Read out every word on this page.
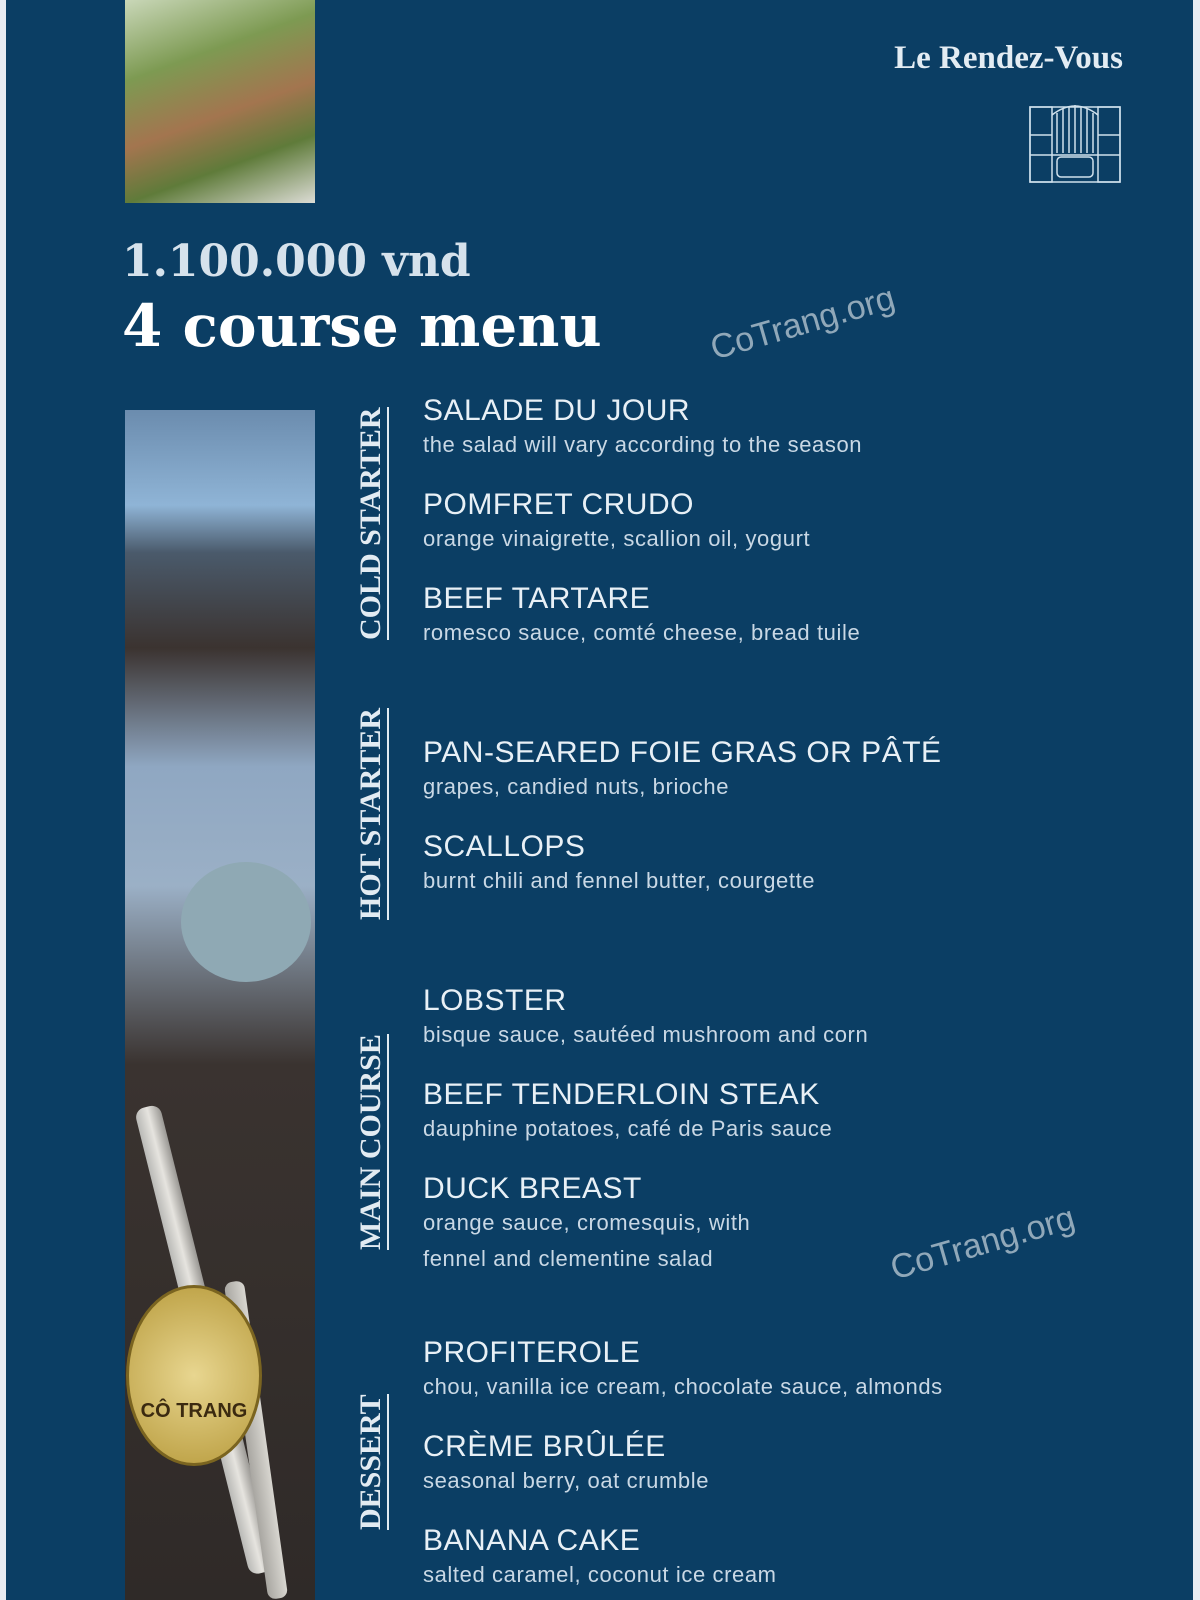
Le Rendez-Vous
1.100.000 vnd
4 course menu
COLD STARTER
HOT STARTER
MAIN COURSE
DESSERT
SALADE DU JOUR
the salad will vary according to the season
POMFRET CRUDO
orange vinaigrette, scallion oil, yogurt
BEEF TARTARE
romesco sauce, comté cheese, bread tuile
PAN-SEARED FOIE GRAS OR PÂTÉ
grapes, candied nuts, brioche
SCALLOPS
burnt chili and fennel butter, courgette
LOBSTER
bisque sauce, sautéed mushroom and corn
BEEF TENDERLOIN STEAK
dauphine potatoes, café de Paris sauce
DUCK BREAST
orange sauce, cromesquis, with
fennel and clementine salad
PROFITEROLE
chou, vanilla ice cream, chocolate sauce, almonds
CRÈME BRÛLÉE
seasonal berry, oat crumble
BANANA CAKE
salted caramel, coconut ice cream
CoTrang.org
CoTrang.org
CÔ TRANG
